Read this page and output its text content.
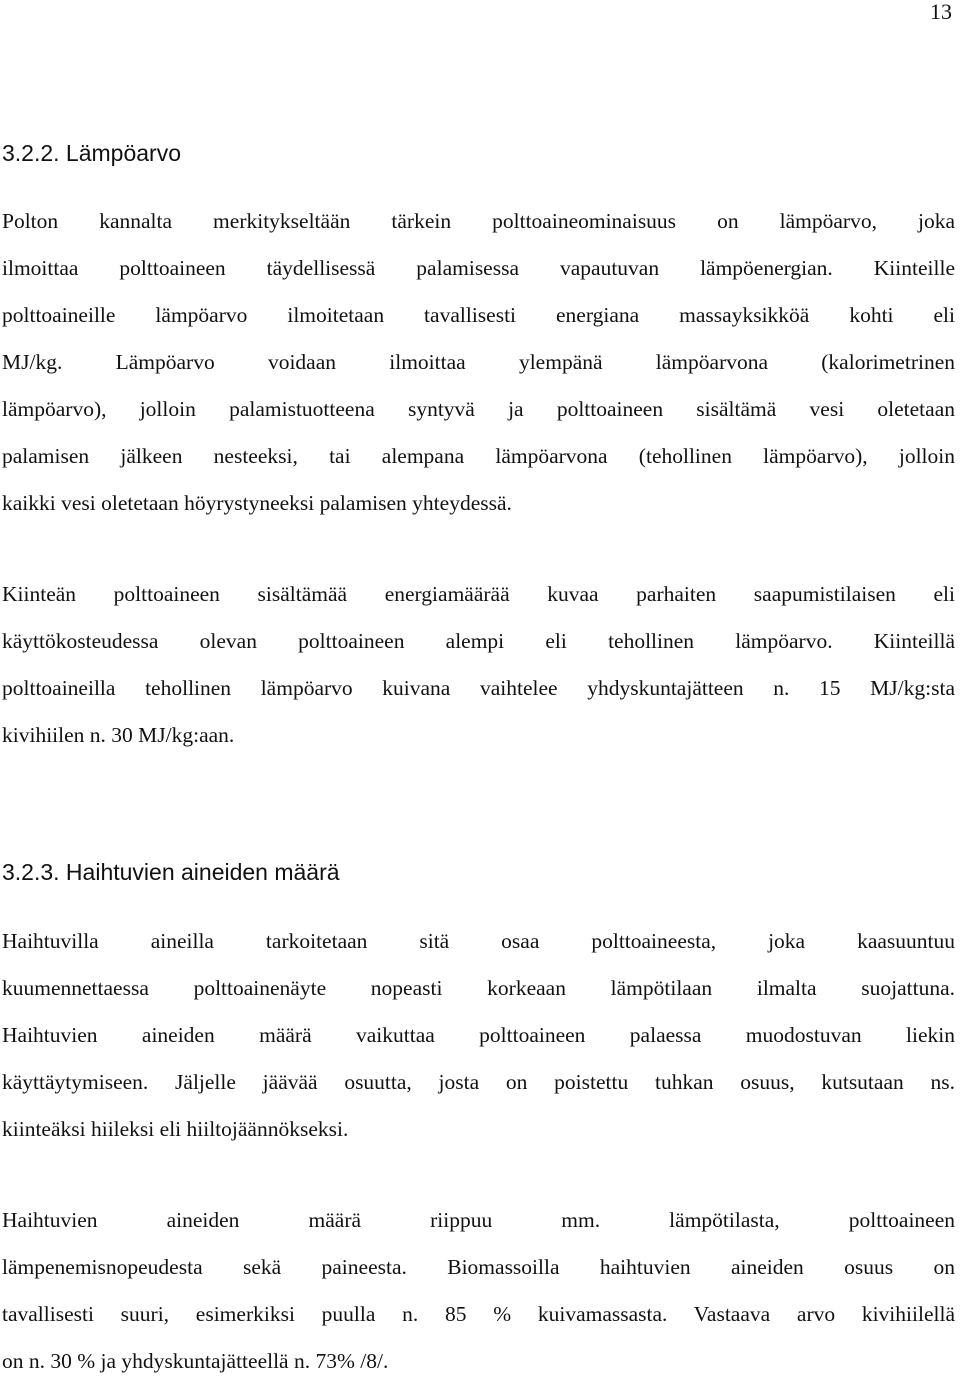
13
3.2.2. Lämpöarvo

Polton kannalta merkitykseltään tärkein polttoaineominaisuus on lämpöarvo, joka
ilmoittaa polttoaineen täydellisessä palamisessa vapautuvan lämpöenergian. Kiinteille
polttoaineille lämpöarvo ilmoitetaan tavallisesti energiana massayksikköä kohti eli
MJ/kg. Lämpöarvo voidaan ilmoittaa ylempänä lämpöarvona (kalorimetrinen
lämpöarvo), jolloin palamistuotteena syntyvä ja polttoaineen sisältämä vesi oletetaan
palamisen jälkeen nesteeksi, tai alempana lämpöarvona (tehollinen lämpöarvo), jolloin
kaikki vesi oletetaan höyrystyneeksi palamisen yhteydessä.

Kiinteän polttoaineen sisältämää energiamäärää kuvaa parhaiten saapumistilaisen eli
käyttökosteudessa olevan polttoaineen alempi eli tehollinen lämpöarvo. Kiinteillä
polttoaineilla tehollinen lämpöarvo kuivana vaihtelee yhdyskuntajätteen n. 15 MJ/kg:sta
kivihiilen n. 30 MJ/kg:aan.

3.2.3. Haihtuvien aineiden määrä

Haihtuvilla aineilla tarkoitetaan sitä osaa polttoaineesta, joka kaasuuntuu
kuumennettaessa polttoainenäyte nopeasti korkeaan lämpötilaan ilmalta suojattuna.
Haihtuvien aineiden määrä vaikuttaa polttoaineen palaessa muodostuvan liekin
käyttäytymiseen. Jäljelle jäävää osuutta, josta on poistettu tuhkan osuus, kutsutaan ns.
kiinteäksi hiileksi eli hiiltojäännökseksi.

Haihtuvien aineiden määrä riippuu mm. lämpötilasta, polttoaineen
lämpenemisnopeudesta sekä paineesta. Biomassoilla haihtuvien aineiden osuus on
tavallisesti suuri, esimerkiksi puulla n. 85 % kuivamassasta. Vastaava arvo kivihiilellä
on n. 30 % ja yhdyskuntajätteellä n. 73% /8/.
